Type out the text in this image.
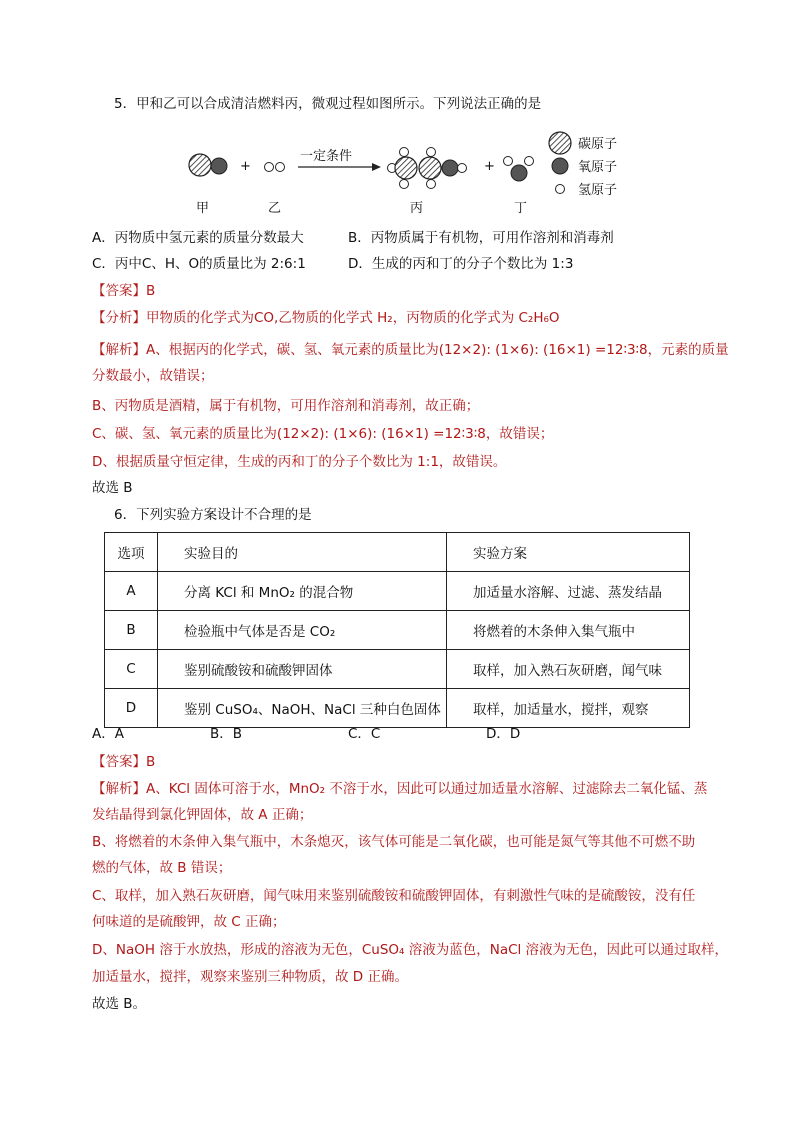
5．甲和乙可以合成清洁燃料丙，微观过程如图所示。下列说法正确的是
+
一定条件
+
甲	乙	丙	丁
碳原子
氧原子
氢原子
A．丙物质中氢元素的质量分数最大	B．丙物质属于有机物，可用作溶剂和消毒剂
C．丙中C、H、O的质量比为 2:6:1	D．生成的丙和丁的分子个数比为 1:3
【答案】B
【分析】甲物质的化学式为CO,乙物质的化学式 H₂，丙物质的化学式为 C₂H₆O
【解析】A、根据丙的化学式，碳、氢、氧元素的质量比为(12×2): (1×6): (16×1) =12∶3∶8，元素的质量
分数最小，故错误；
B、丙物质是酒精，属于有机物，可用作溶剂和消毒剂，故正确；
C、碳、氢、氧元素的质量比为(12×2): (1×6): (16×1) =12∶3∶8，故错误；
D、根据质量守恒定律，生成的丙和丁的分子个数比为 1:1，故错误。
故选 B
6．下列实验方案设计不合理的是
选项	实验目的	实验方案
A	分离 KCl 和 MnO₂ 的混合物	加适量水溶解、过滤、蒸发结晶
B	检验瓶中气体是否是 CO₂	将燃着的木条伸入集气瓶中
C	鉴别硫酸铵和硫酸钾固体	取样，加入熟石灰研磨，闻气味
D	鉴别 CuSO₄、NaOH、NaCl 三种白色固体	取样，加适量水，搅拌，观察
A．A	B．B	C．C	D．D
【答案】B
【解析】A、KCl 固体可溶于水，MnO₂ 不溶于水，因此可以通过加适量水溶解、过滤除去二氧化锰、蒸
发结晶得到氯化钾固体，故 A 正确；
B、将燃着的木条伸入集气瓶中，木条熄灭，该气体可能是二氧化碳，也可能是氮气等其他不可燃不助
燃的气体，故 B 错误；
C、取样，加入熟石灰研磨，闻气味用来鉴别硫酸铵和硫酸钾固体，有刺激性气味的是硫酸铵，没有任
何味道的是硫酸钾，故 C 正确；
D、NaOH 溶于水放热，形成的溶液为无色，CuSO₄ 溶液为蓝色，NaCl 溶液为无色，因此可以通过取样，
加适量水，搅拌，观察来鉴别三种物质，故 D 正确。
故选 B。
